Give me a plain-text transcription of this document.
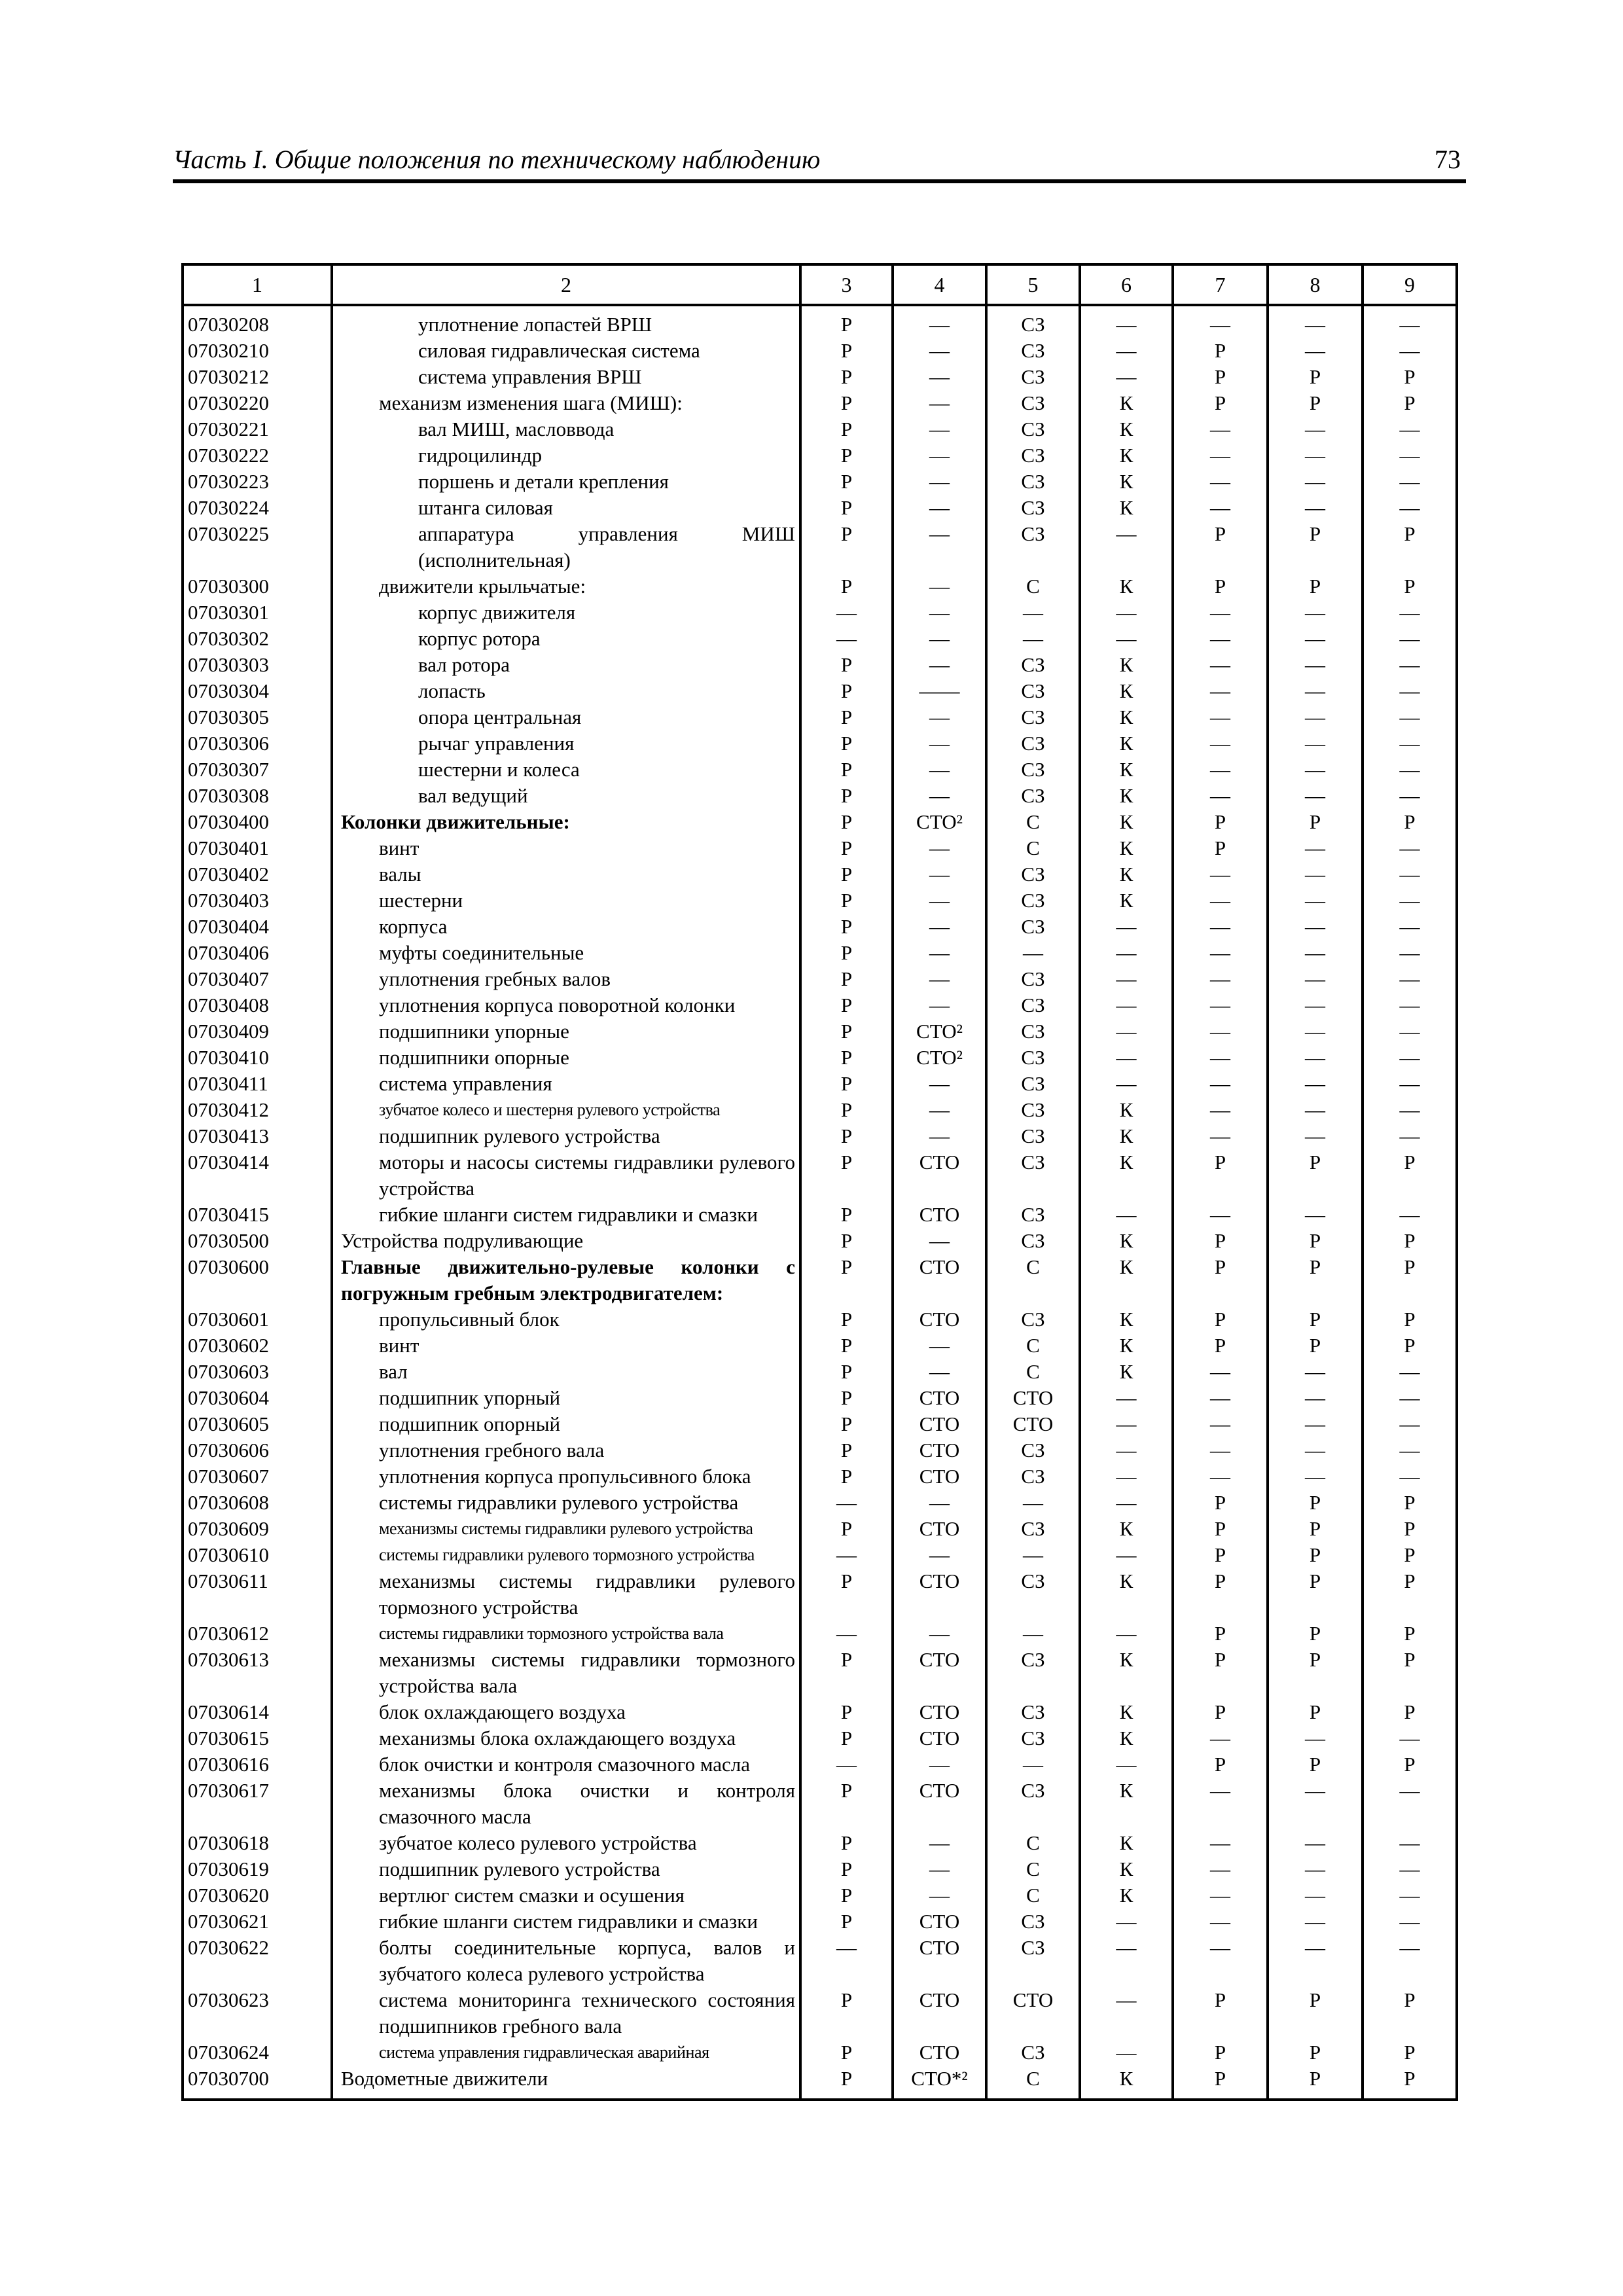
Часть I. Общие положения по техническому наблюдению	73
1	2	3	4	5	6	7	8	9
07030208	уплотнение лопастей ВРШ	Р	—	СЗ	—	—	—	—
07030210	силовая гидравлическая система	Р	—	СЗ	—	Р	—	—
07030212	система управления ВРШ	Р	—	СЗ	—	Р	Р	Р
07030220	механизм изменения шага (МИШ):	Р	—	СЗ	К	Р	Р	Р
07030221	вал МИШ, масловвода	Р	—	СЗ	К	—	—	—
07030222	гидроцилиндр	Р	—	СЗ	К	—	—	—
07030223	поршень и детали крепления	Р	—	СЗ	К	—	—	—
07030224	штанга силовая	Р	—	СЗ	К	—	—	—
07030225	аппаратура управления МИШ (исполнительная)	Р	—	СЗ	—	Р	Р	Р
07030300	движители крыльчатые:	Р	—	С	К	Р	Р	Р
07030301	корпус движителя	—	—	—	—	—	—	—
07030302	корпус ротора	—	—	—	—	—	—	—
07030303	вал ротора	Р	—	СЗ	К	—	—	—
07030304	лопасть	Р	——	СЗ	К	—	—	—
07030305	опора центральная	Р	—	СЗ	К	—	—	—
07030306	рычаг управления	Р	—	СЗ	К	—	—	—
07030307	шестерни и колеса	Р	—	СЗ	К	—	—	—
07030308	вал ведущий	Р	—	СЗ	К	—	—	—
07030400	Колонки движительные:	Р	СТО²	С	К	Р	Р	Р
07030401	винт	Р	—	С	К	Р	—	—
07030402	валы	Р	—	СЗ	К	—	—	—
07030403	шестерни	Р	—	СЗ	К	—	—	—
07030404	корпуса	Р	—	СЗ	—	—	—	—
07030406	муфты соединительные	Р	—	—	—	—	—	—
07030407	уплотнения гребных валов	Р	—	СЗ	—	—	—	—
07030408	уплотнения корпуса поворотной колонки	Р	—	СЗ	—	—	—	—
07030409	подшипники упорные	Р	СТО²	СЗ	—	—	—	—
07030410	подшипники опорные	Р	СТО²	СЗ	—	—	—	—
07030411	система управления	Р	—	СЗ	—	—	—	—
07030412	зубчатое колесо и шестерня рулевого устройства	Р	—	СЗ	К	—	—	—
07030413	подшипник рулевого устройства	Р	—	СЗ	К	—	—	—
07030414	моторы и насосы системы гидравлики рулевого устройства	Р	СТО	СЗ	К	Р	Р	Р
07030415	гибкие шланги систем гидравлики и смазки	Р	СТО	СЗ	—	—	—	—
07030500	Устройства подруливающие	Р	—	СЗ	К	Р	Р	Р
07030600	Главные движительно-рулевые колонки с погружным гребным электродвигателем:	Р	СТО	С	К	Р	Р	Р
07030601	пропульсивный блок	Р	СТО	СЗ	К	Р	Р	Р
07030602	винт	Р	—	С	К	Р	Р	Р
07030603	вал	Р	—	С	К	—	—	—
07030604	подшипник упорный	Р	СТО	СТО	—	—	—	—
07030605	подшипник опорный	Р	СТО	СТО	—	—	—	—
07030606	уплотнения гребного вала	Р	СТО	СЗ	—	—	—	—
07030607	уплотнения корпуса пропульсивного блока	Р	СТО	СЗ	—	—	—	—
07030608	системы гидравлики рулевого устройства	—	—	—	—	Р	Р	Р
07030609	механизмы системы гидравлики рулевого устройства	Р	СТО	СЗ	К	Р	Р	Р
07030610	системы гидравлики рулевого тормозного устройства	—	—	—	—	Р	Р	Р
07030611	механизмы системы гидравлики рулевого тормозного устройства	Р	СТО	СЗ	К	Р	Р	Р
07030612	системы гидравлики тормозного устройства вала	—	—	—	—	Р	Р	Р
07030613	механизмы системы гидравлики тормозного устройства вала	Р	СТО	СЗ	К	Р	Р	Р
07030614	блок охлаждающего воздуха	Р	СТО	СЗ	К	Р	Р	Р
07030615	механизмы блока охлаждающего воздуха	Р	СТО	СЗ	К	—	—	—
07030616	блок очистки и контроля смазочного масла	—	—	—	—	Р	Р	Р
07030617	механизмы блока очистки и контроля смазочного масла	Р	СТО	СЗ	К	—	—	—
07030618	зубчатое колесо рулевого устройства	Р	—	С	К	—	—	—
07030619	подшипник рулевого устройства	Р	—	С	К	—	—	—
07030620	вертлюг систем смазки и осушения	Р	—	С	К	—	—	—
07030621	гибкие шланги систем гидравлики и смазки	Р	СТО	СЗ	—	—	—	—
07030622	болты соединительные корпуса, валов и зубчатого колеса рулевого устройства	—	СТО	СЗ	—	—	—	—
07030623	система мониторинга технического состояния подшипников гребного вала	Р	СТО	СТО	—	Р	Р	Р
07030624	система управления гидравлическая аварийная	Р	СТО	СЗ	—	Р	Р	Р
07030700	Водометные движители	Р	СТО*²	С	К	Р	Р	Р
